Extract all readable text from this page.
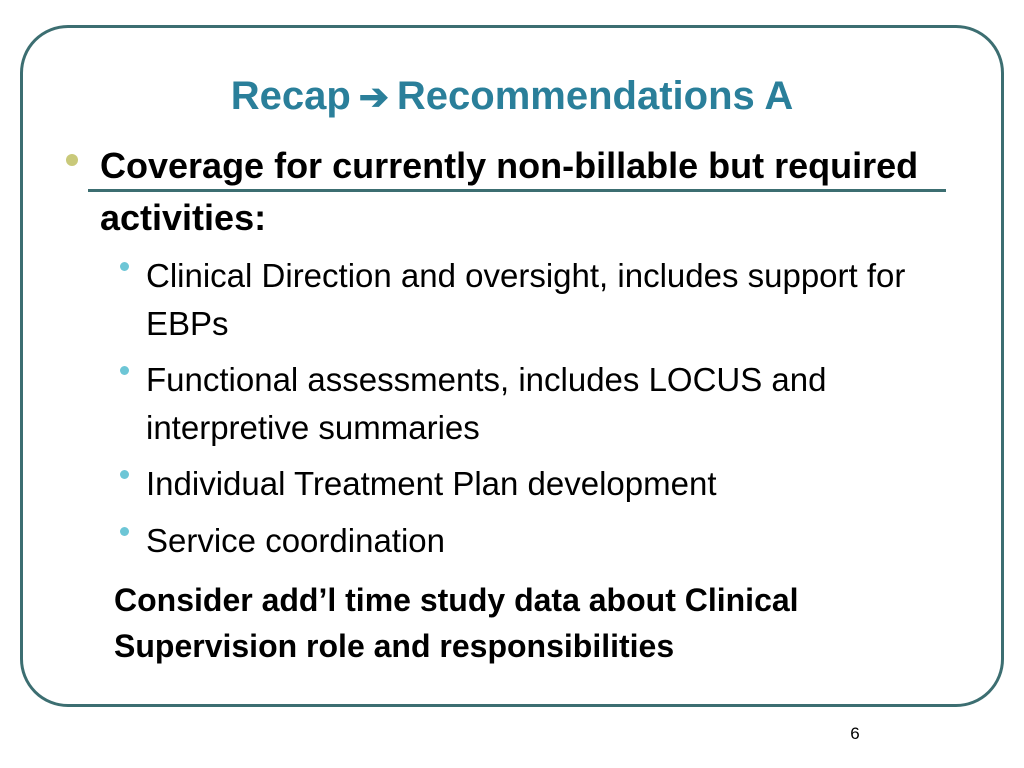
Recap ➔ Recommendations A
Coverage for currently non-billable but required activities:
Clinical Direction and oversight, includes support for EBPs
Functional assessments, includes LOCUS and interpretive summaries
Individual Treatment Plan development
Service coordination
Consider add’l time study data about Clinical Supervision role and responsibilities
6
